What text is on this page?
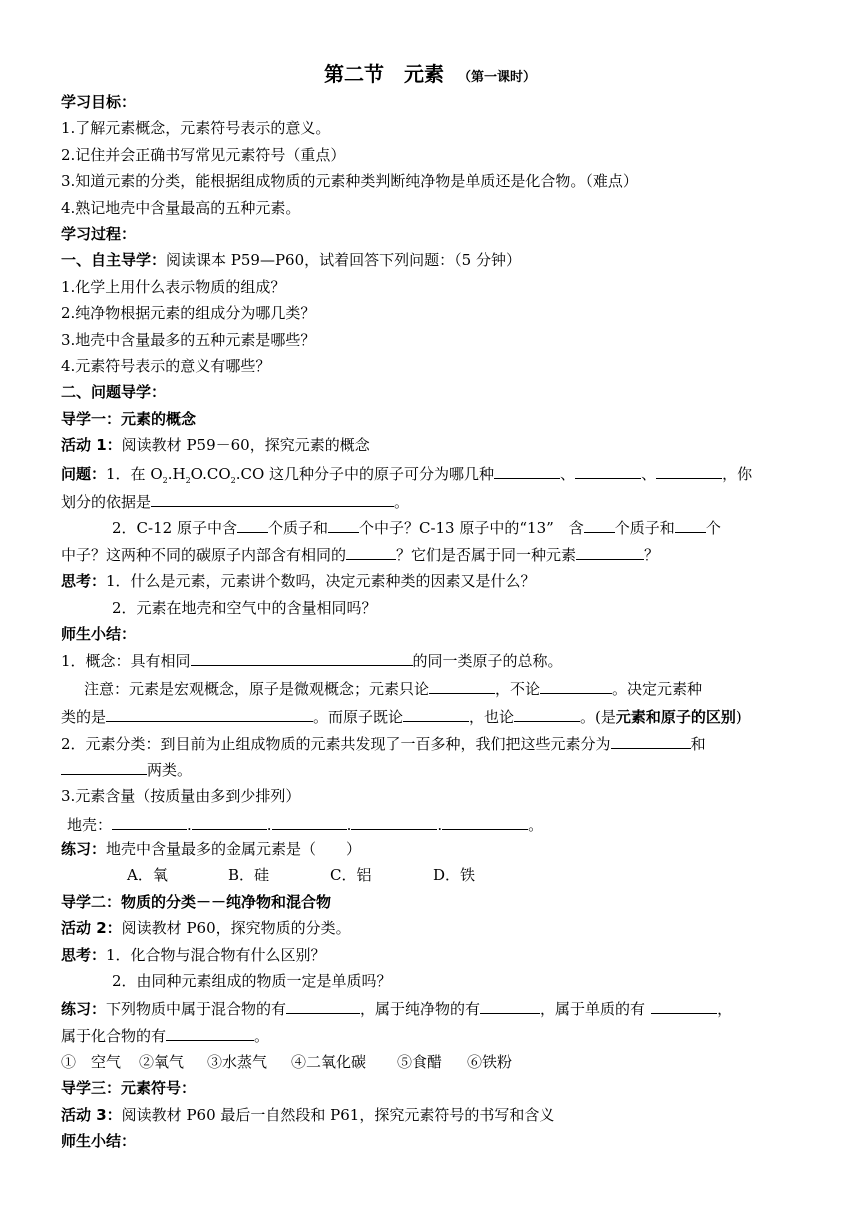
第二节　元素 （第一课时）
学习目标：
1.了解元素概念，元素符号表示的意义。
2.记住并会正确书写常见元素符号（重点）
3.知道元素的分类，能根据组成物质的元素种类判断纯净物是单质还是化合物。（难点）
4.熟记地壳中含量最高的五种元素。
学习过程：
一、自主导学：阅读课本 P59—P60，试着回答下列问题：（5 分钟）
1.化学上用什么表示物质的组成？
2.纯净物根据元素的组成分为哪几类？
3.地壳中含量最多的五种元素是哪些？
4.元素符号表示的意义有哪些？
二、问题导学：
导学一：元素的概念
活动 1：阅读教材 P59－60，探究元素的概念
问题：1．在 $O_2.H_2O.CO_2.CO$ 这几种分子中的原子可分为哪几种	、	、	，你
划分的依据是	。
2．C-12 原子中含 个质子和 个中子？C-13 原子中的“13”　含 个质子和 个
中子？这两种不同的碳原子内部含有相同的	？它们是否属于同一种元素	？
思考：1．什么是元素，元素讲个数吗，决定元素种类的因素又是什么？
2．元素在地壳和空气中的含量相同吗？
师生小结：
1．概念：具有相同	的同一类原子的总称。
注意：元素是宏观概念，原子是微观概念；元素只论	，不论	。决定元素种
类的是	。而原子既论	，也论	。(是元素和原子的区别)
2．元素分类：到目前为止组成物质的元素共发现了一百多种，我们把这些元素分为	和
两类。
3.元素含量（按质量由多到少排列）
地壳：	.	.	.	.	。
练习：地壳中含量最多的金属元素是（　　）
A．氧	B．硅	C．铝	D．铁
导学二：物质的分类－－纯净物和混合物
活动 2：阅读教材 P60，探究物质的分类。
思考：1．化合物与混合物有什么区别？
2．由同种元素组成的物质一定是单质吗？
练习：下列物质中属于混合物的有	，属于纯净物的有	，属于单质的有	，
属于化合物的有	。
①　空气 ②氧气 ③水蒸气 ④二氧化碳 ⑤食醋 ⑥铁粉
导学三：元素符号：
活动 3：阅读教材 P60 最后一自然段和 P61，探究元素符号的书写和含义
师生小结：
